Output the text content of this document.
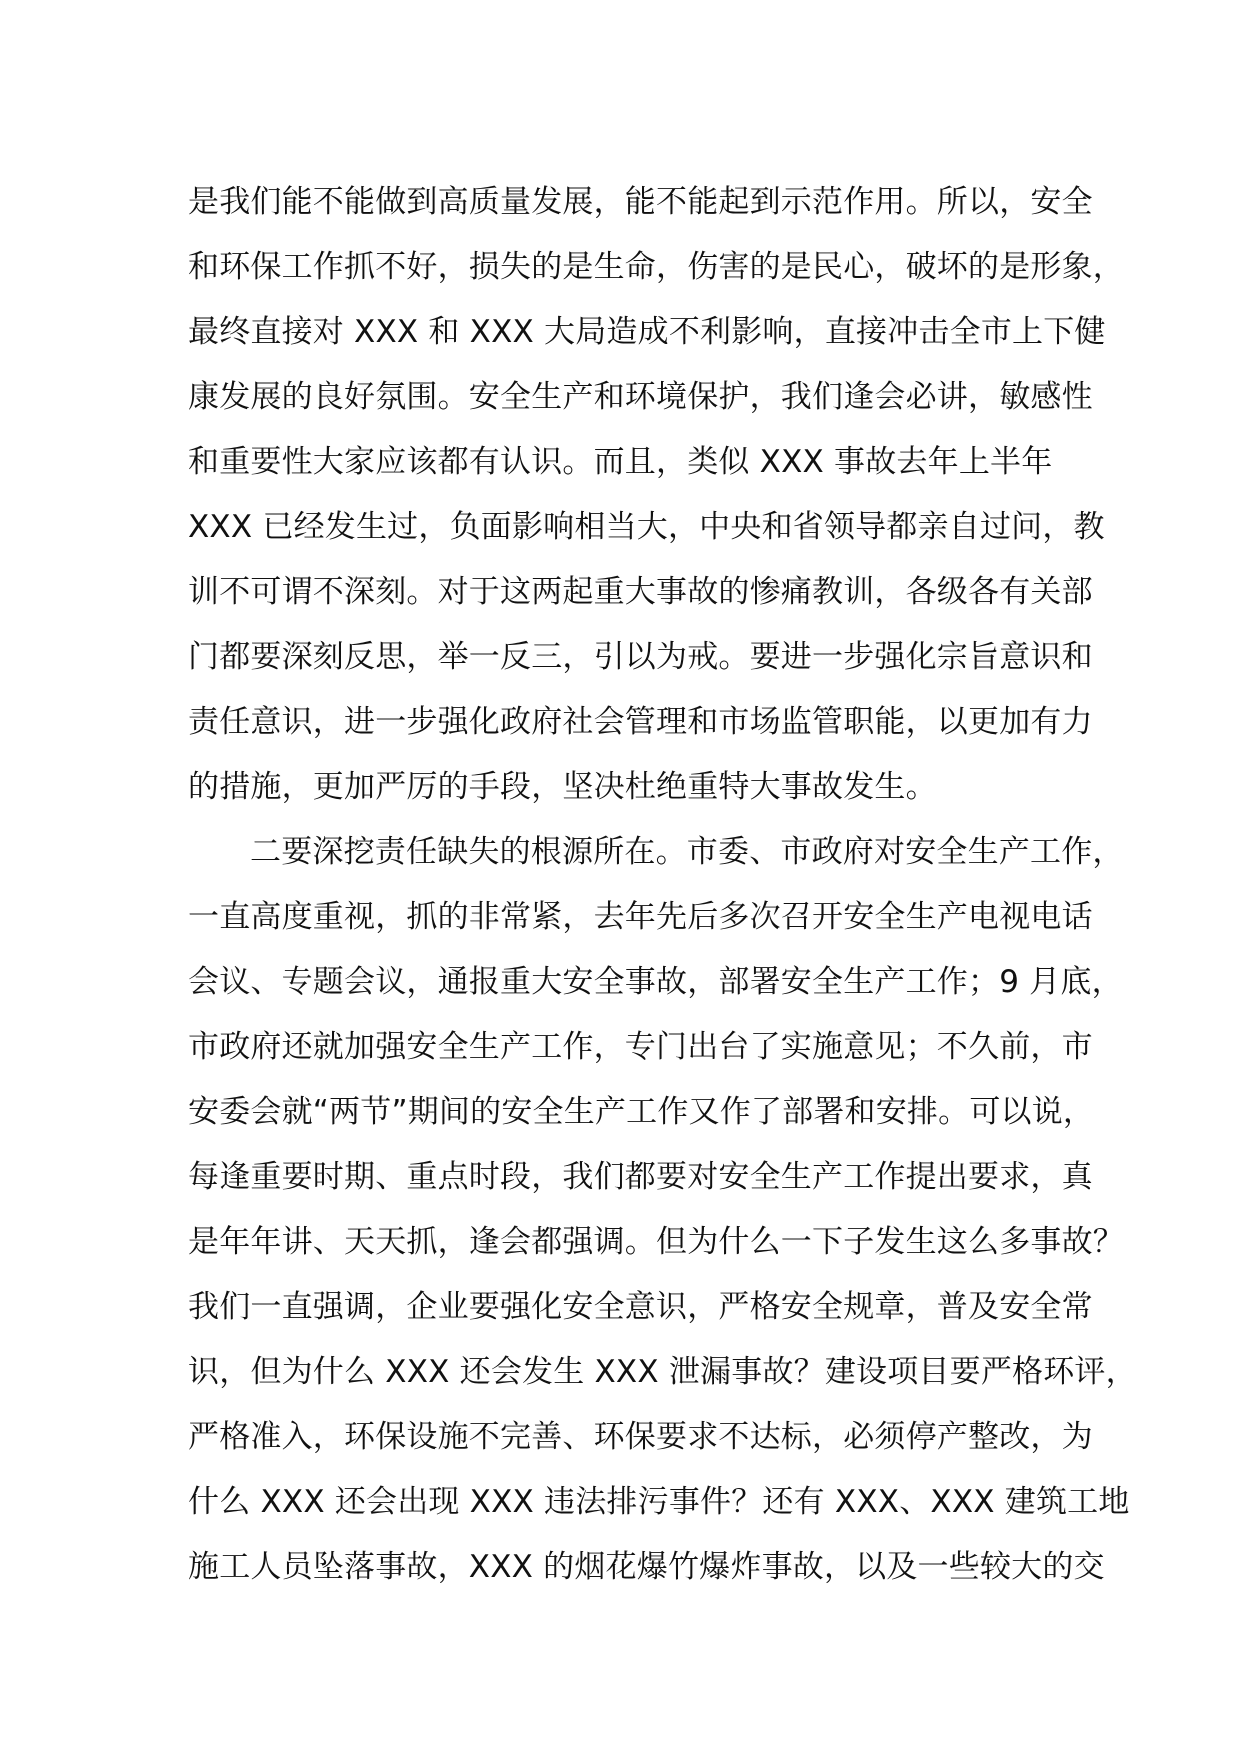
是我们能不能做到高质量发展，能不能起到示范作用。所以，安全
和环保工作抓不好，损失的是生命，伤害的是民心，破坏的是形象，
最终直接对 XXX 和 XXX 大局造成不利影响，直接冲击全市上下健
康发展的良好氛围。安全生产和环境保护，我们逢会必讲，敏感性
和重要性大家应该都有认识。而且，类似 XXX 事故去年上半年
XXX 已经发生过，负面影响相当大，中央和省领导都亲自过问，教
训不可谓不深刻。对于这两起重大事故的惨痛教训，各级各有关部
门都要深刻反思，举一反三，引以为戒。要进一步强化宗旨意识和
责任意识，进一步强化政府社会管理和市场监管职能，以更加有力
的措施，更加严厉的手段，坚决杜绝重特大事故发生。
二要深挖责任缺失的根源所在。市委、市政府对安全生产工作，
一直高度重视，抓的非常紧，去年先后多次召开安全生产电视电话
会议、专题会议，通报重大安全事故，部署安全生产工作；9 月底，
市政府还就加强安全生产工作，专门出台了实施意见；不久前，市
安委会就“两节”期间的安全生产工作又作了部署和安排。可以说，
每逢重要时期、重点时段，我们都要对安全生产工作提出要求，真
是年年讲、天天抓，逢会都强调。但为什么一下子发生这么多事故？
我们一直强调，企业要强化安全意识，严格安全规章，普及安全常
识，但为什么 XXX 还会发生 XXX 泄漏事故？建设项目要严格环评，
严格准入，环保设施不完善、环保要求不达标，必须停产整改，为
什么 XXX 还会出现 XXX 违法排污事件？还有 XXX、XXX 建筑工地
施工人员坠落事故，XXX 的烟花爆竹爆炸事故，以及一些较大的交
